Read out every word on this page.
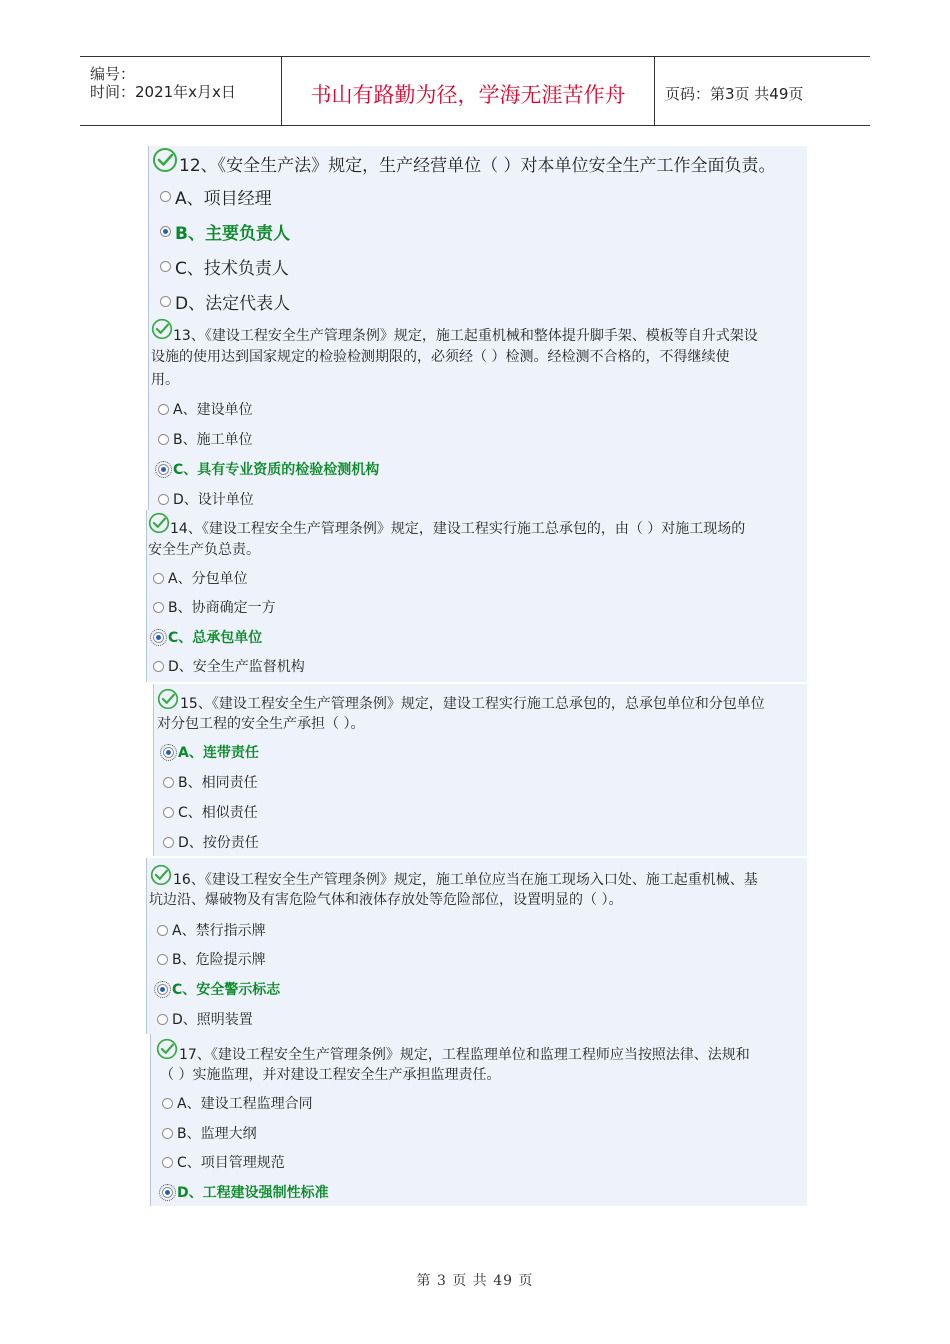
编号：
时间：2021年x月x日	书山有路勤为径，学海无涯苦作舟	页码：第3页 共49页
12、《安全生产法》规定，生产经营单位（ ）对本单位安全生产工作全面负责。
A、项目经理
B、主要负责人
C、技术负责人
D、法定代表人
13、《建设工程安全生产管理条例》规定，施工起重机械和整体提升脚手架、模板等自升式架设
设施的使用达到国家规定的检验检测期限的，必须经（ ）检测。经检测不合格的，不得继续使
用。
A、建设单位
B、施工单位
C、具有专业资质的检验检测机构
D、设计单位
14、《建设工程安全生产管理条例》规定，建设工程实行施工总承包的，由（ ）对施工现场的
安全生产负总责。
A、分包单位
B、协商确定一方
C、总承包单位
D、安全生产监督机构
15、《建设工程安全生产管理条例》规定，建设工程实行施工总承包的，总承包单位和分包单位
对分包工程的安全生产承担（ ）。
A、连带责任
B、相同责任
C、相似责任
D、按份责任
16、《建设工程安全生产管理条例》规定，施工单位应当在施工现场入口处、施工起重机械、基
坑边沿、爆破物及有害危险气体和液体存放处等危险部位，设置明显的（ ）。
A、禁行指示牌
B、危险提示牌
C、安全警示标志
D、照明装置
17、《建设工程安全生产管理条例》规定，工程监理单位和监理工程师应当按照法律、法规和
（ ）实施监理，并对建设工程安全生产承担监理责任。
A、建设工程监理合同
B、监理大纲
C、项目管理规范
D、工程建设强制性标准
第 3 页 共 49 页
